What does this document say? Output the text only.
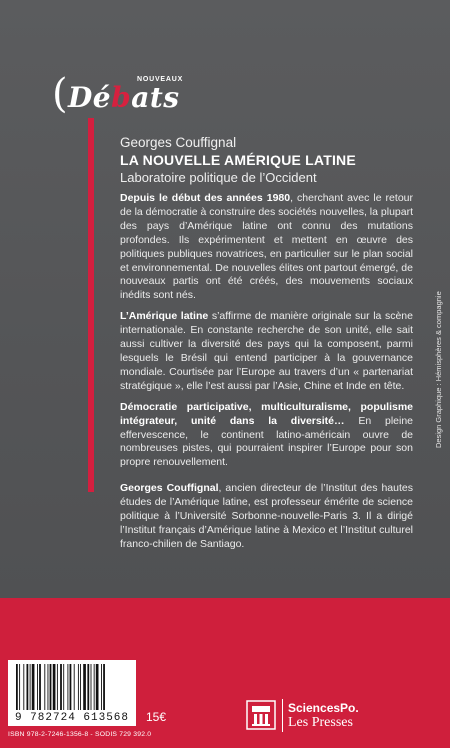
(	NOUVEAUX
Débats

Georges Couffignal

LA NOUVELLE AMÉRIQUE LATINE

Laboratoire politique de l’Occident

Depuis le début des années 1980, cherchant avec le retour de la démocratie à construire des sociétés nouvelles, la plupart des pays d’Amérique latine ont connu des mutations profondes. Ils expérimentent et mettent en œuvre des politiques publiques novatrices, en particulier sur le plan social et environnemental. De nouvelles élites ont partout émergé, de nouveaux partis ont été créés, des mouvements sociaux inédits sont nés.

L’Amérique latine s’affirme de manière originale sur la scène internationale. En constante recherche de son unité, elle sait aussi cultiver la diversité des pays qui la composent, parmi lesquels le Brésil qui entend participer à la gouvernance mondiale. Courtisée par l’Europe au travers d’un « partenariat stratégique », elle l’est aussi par l’Asie, Chine et Inde en tête.

Démocratie participative, multiculturalisme, populisme intégrateur, unité dans la diversité… En pleine effervescence, le continent latino-américain ouvre de nombreuses pistes, qui pourraient inspirer l’Europe pour son propre renouvellement.

Georges Couffignal, ancien directeur de l’Institut des hautes études de l’Amérique latine, est professeur émérite de science politique à l’Université Sorbonne-nouvelle-Paris 3. Il a dirigé l’Institut français d’Amérique latine à Mexico et l’Institut culturel franco-chilien de Santiago.

Design Graphique : Hémisphères & compagnie
9 782724 613568	15€
ISBN 978-2-7246-1356-8 - SODIS 729 392.0
SciencesPo.
Les Presses
